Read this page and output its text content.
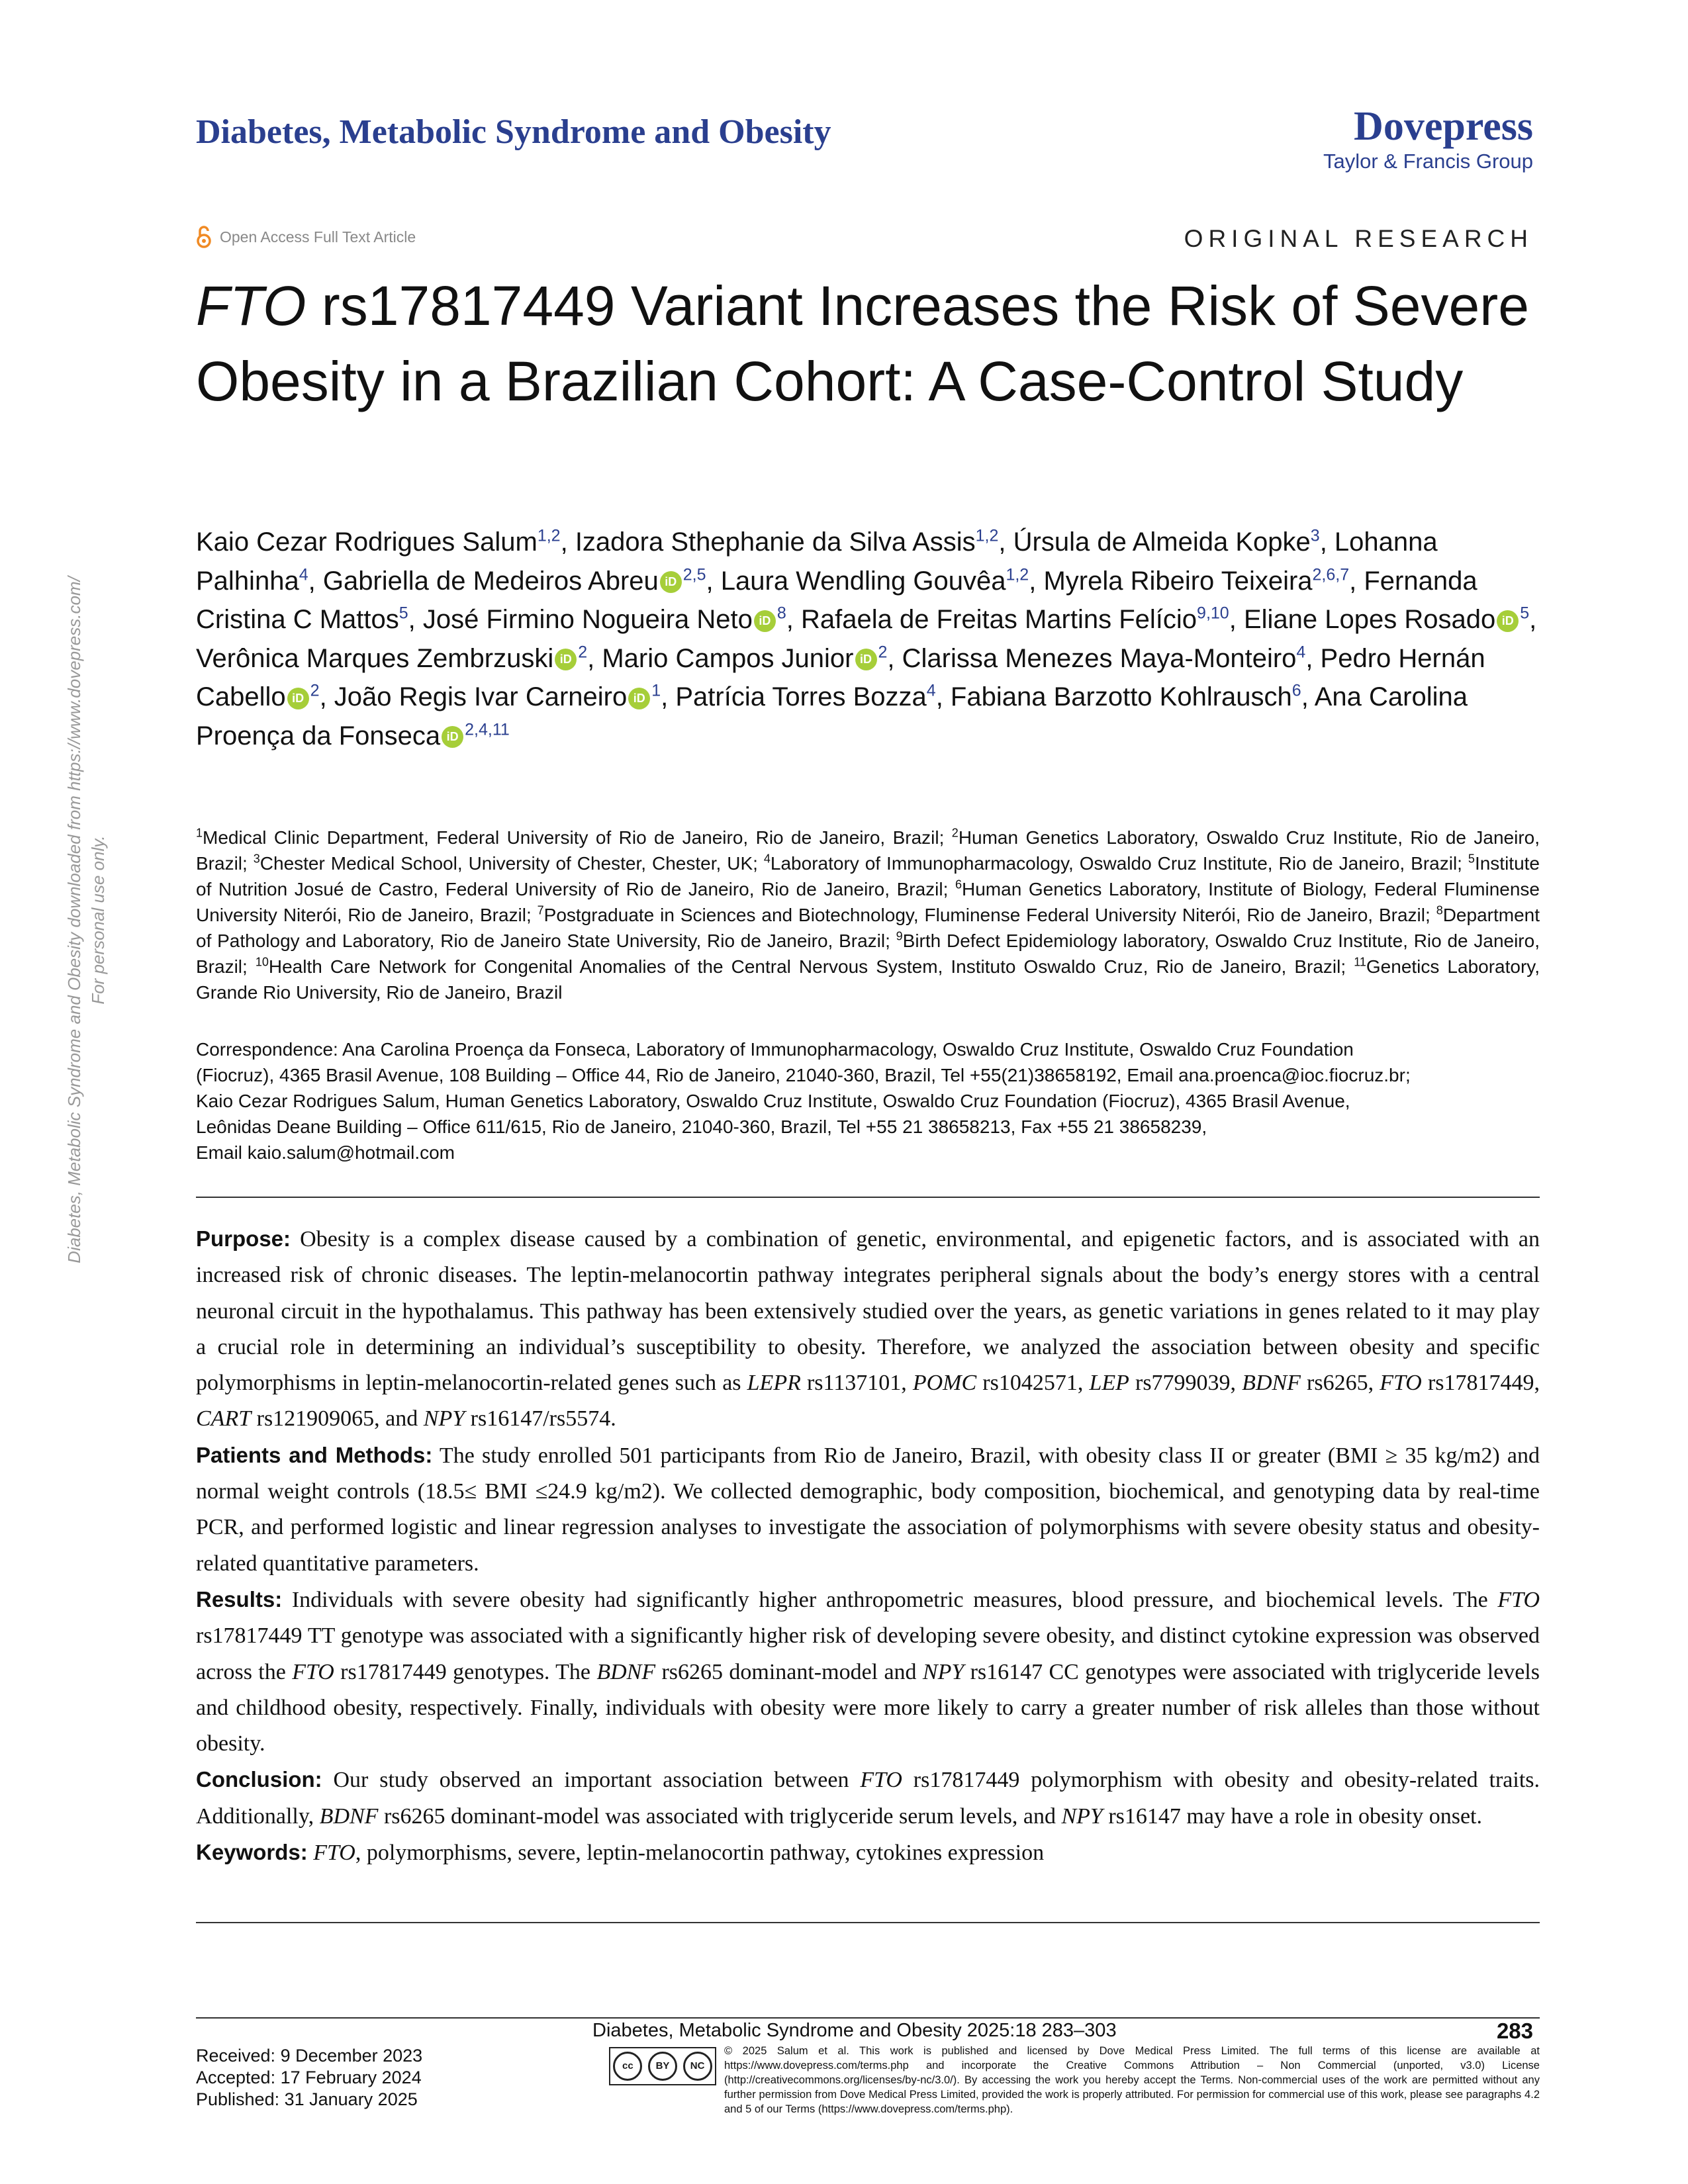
Diabetes, Metabolic Syndrome and Obesity	Dovepress
Taylor & Francis Group
Open Access Full Text Article	ORIGINAL RESEARCH
FTO rs17817449 Variant Increases the Risk of Severe Obesity in a Brazilian Cohort: A Case-Control Study
Kaio Cezar Rodrigues Salum$^{1,2}$, Izadora Sthephanie da Silva Assis$^{1,2}$, Úrsula de Almeida Kopke$^3$, Lohanna Palhinha$^4$, Gabriella de Medeiros Abreu iD $^{2,5}$, Laura Wendling Gouvêa$^{1,2}$, Myrela Ribeiro Teixeira$^{2,6,7}$, Fernanda Cristina C Mattos$^5$, José Firmino Nogueira Neto iD $^8$, Rafaela de Freitas Martins Felício$^{9,10}$, Eliane Lopes Rosado iD $^5$, Verônica Marques Zembrzuski iD $^2$, Mario Campos Junior iD $^2$, Clarissa Menezes Maya-Monteiro$^4$, Pedro Hernán Cabello iD $^2$, João Regis Ivar Carneiro iD $^1$, Patrícia Torres Bozza$^4$, Fabiana Barzotto Kohlrausch$^6$, Ana Carolina Proença da Fonseca iD $^{2,4,11}$
$^1$Medical Clinic Department, Federal University of Rio de Janeiro, Rio de Janeiro, Brazil; $^2$Human Genetics Laboratory, Oswaldo Cruz Institute, Rio de Janeiro, Brazil; $^3$Chester Medical School, University of Chester, Chester, UK; $^4$Laboratory of Immunopharmacology, Oswaldo Cruz Institute, Rio de Janeiro, Brazil; $^5$Institute of Nutrition Josué de Castro, Federal University of Rio de Janeiro, Rio de Janeiro, Brazil; $^6$Human Genetics Laboratory, Institute of Biology, Federal Fluminense University Niterói, Rio de Janeiro, Brazil; $^7$Postgraduate in Sciences and Biotechnology, Fluminense Federal University Niterói, Rio de Janeiro, Brazil; $^8$Department of Pathology and Laboratory, Rio de Janeiro State University, Rio de Janeiro, Brazil; $^9$Birth Defect Epidemiology laboratory, Oswaldo Cruz Institute, Rio de Janeiro, Brazil; $^{10}$Health Care Network for Congenital Anomalies of the Central Nervous System, Instituto Oswaldo Cruz, Rio de Janeiro, Brazil; $^{11}$Genetics Laboratory, Grande Rio University, Rio de Janeiro, Brazil
Correspondence: Ana Carolina Proença da Fonseca, Laboratory of Immunopharmacology, Oswaldo Cruz Institute, Oswaldo Cruz Foundation
(Fiocruz), 4365 Brasil Avenue, 108 Building – Office 44, Rio de Janeiro, 21040-360, Brazil, Tel +55(21)38658192, Email ana.proenca@ioc.fiocruz.br;
Kaio Cezar Rodrigues Salum, Human Genetics Laboratory, Oswaldo Cruz Institute, Oswaldo Cruz Foundation (Fiocruz), 4365 Brasil Avenue,
Leônidas Deane Building – Office 611/615, Rio de Janeiro, 21040-360, Brazil, Tel +55 21 38658213, Fax +55 21 38658239,
Email kaio.salum@hotmail.com

Purpose: Obesity is a complex disease caused by a combination of genetic, environmental, and epigenetic factors, and is associated with an increased risk of chronic diseases. The leptin-melanocortin pathway integrates peripheral signals about the body’s energy stores with a central neuronal circuit in the hypothalamus. This pathway has been extensively studied over the years, as genetic variations in genes related to it may play a crucial role in determining an individual’s susceptibility to obesity. Therefore, we analyzed the association between obesity and specific polymorphisms in leptin-melanocortin-related genes such as LEPR rs1137101, POMC rs1042571, LEP rs7799039, BDNF rs6265, FTO rs17817449, CART rs121909065, and NPY rs16147/rs5574.

Patients and Methods: The study enrolled 501 participants from Rio de Janeiro, Brazil, with obesity class II or greater (BMI ≥ 35 kg/m2) and normal weight controls (18.5≤ BMI ≤24.9 kg/m2). We collected demographic, body composition, biochemical, and genotyping data by real-time PCR, and performed logistic and linear regression analyses to investigate the association of polymorphisms with severe obesity status and obesity-related quantitative parameters.

Results: Individuals with severe obesity had significantly higher anthropometric measures, blood pressure, and biochemical levels. The FTO rs17817449 TT genotype was associated with a significantly higher risk of developing severe obesity, and distinct cytokine expression was observed across the FTO rs17817449 genotypes. The BDNF rs6265 dominant-model and NPY rs16147 CC genotypes were associated with triglyceride levels and childhood obesity, respectively. Finally, individuals with obesity were more likely to carry a greater number of risk alleles than those without obesity.

Conclusion: Our study observed an important association between FTO rs17817449 polymorphism with obesity and obesity-related traits. Additionally, BDNF rs6265 dominant-model was associated with triglyceride serum levels, and NPY rs16147 may have a role in obesity onset.

Keywords: FTO, polymorphisms, severe, leptin-melanocortin pathway, cytokines expression

Diabetes, Metabolic Syndrome and Obesity downloaded from https://www.dovepress.com/ For personal use only.
Diabetes, Metabolic Syndrome and Obesity 2025:18 283–303	283
Received: 9 December 2023
Accepted: 17 February 2024
Published: 31 January 2025
cc	BY	NC
© 2025 Salum et al. This work is published and licensed by Dove Medical Press Limited. The full terms of this license are available at https://www.dovepress.com/terms.php and incorporate the Creative Commons Attribution – Non Commercial (unported, v3.0) License (http://creativecommons.org/licenses/by-nc/3.0/). By accessing the work you hereby accept the Terms. Non-commercial uses of the work are permitted without any further permission from Dove Medical Press Limited, provided the work is properly attributed. For permission for commercial use of this work, please see paragraphs 4.2 and 5 of our Terms (https://www.dovepress.com/terms.php).
